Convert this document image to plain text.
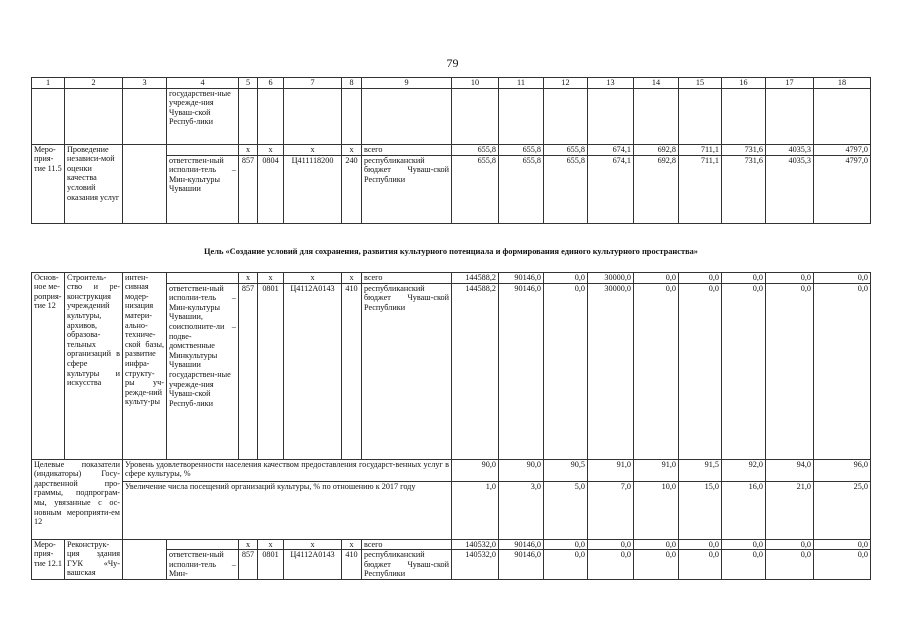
79
1	2	3	4	5	6	7	8	9	10	11	12	13	14	15	16	17	18
			государствен-ные учрежде-ния Чуваш-ской Респуб-лики														
Меро-прия-тие 11.5	Проведение независи-мой оценки качества условий оказания услуг			х	х	х	х	всего	655,8	655,8	655,8	674,1	692,8	711,1	731,6	4035,3	4797,0
			ответствен-ный исполни-тель – Мин-культуры Чувашии	857	0804	Ц411118200	240	республиканский бюджет Чуваш-ской Республики	655,8	655,8	655,8	674,1	692,8	711,1	731,6	4035,3	4797,0
Цель «Создание условий для сохранения, развития культурного потенциала и формирования единого культурного пространства»																	
Основ-ное ме-роприя-тие 12	Строитель-ство и ре-конструкция учреждений культуры, архивов, образова-тельных организаций в сфере культуры и искусства	интен-сивная модер-низация матери-ально-техниче-ской базы, развитие инфра-структу-ры уч-режде-ний культу-ры		х	х	х	х	всего	144588,2	90146,0	0,0	30000,0	0,0	0,0	0,0	0,0	0,0
			ответствен-ный исполни-тель – Мин-культуры Чувашии, соисполните-ли – подве-домственные Минкультуры Чувашии государствен-ные учрежде-ния Чуваш-ской Респуб-лики	857	0801	Ц4112А0143	410	республиканский бюджет Чуваш-ской Республики	144588,2	90146,0	0,0	30000,0	0,0	0,0	0,0	0,0	0,0
Целевые показатели (индикаторы) Госу-дарственной про-граммы, подпрограм-мы, увязанные с ос-новным мероприяти-ем 12		Уровень удовлетворенности населения качеством предоставления государст-венных услуг в сфере культуры, %							90,0	90,0	90,5	91,0	91,0	91,5	92,0	94,0	96,0
		Увеличение числа посещений организаций культуры, % по отношению к 2017 году							1,0	3,0	5,0	7,0	10,0	15,0	16,0	21,0	25,0
Меро-прия-тие 12.1	Реконструк-ция здания ГУК «Чу-вашская			х	х	х	х	всего	140532,0	90146,0	0,0	0,0	0,0	0,0	0,0	0,0	0,0
			ответствен-ный исполни-тель – Мин-	857	0801	Ц4112А0143	410	республиканский бюджет Чуваш-ской Республики	140532,0	90146,0	0,0	0,0	0,0	0,0	0,0	0,0	0,0
